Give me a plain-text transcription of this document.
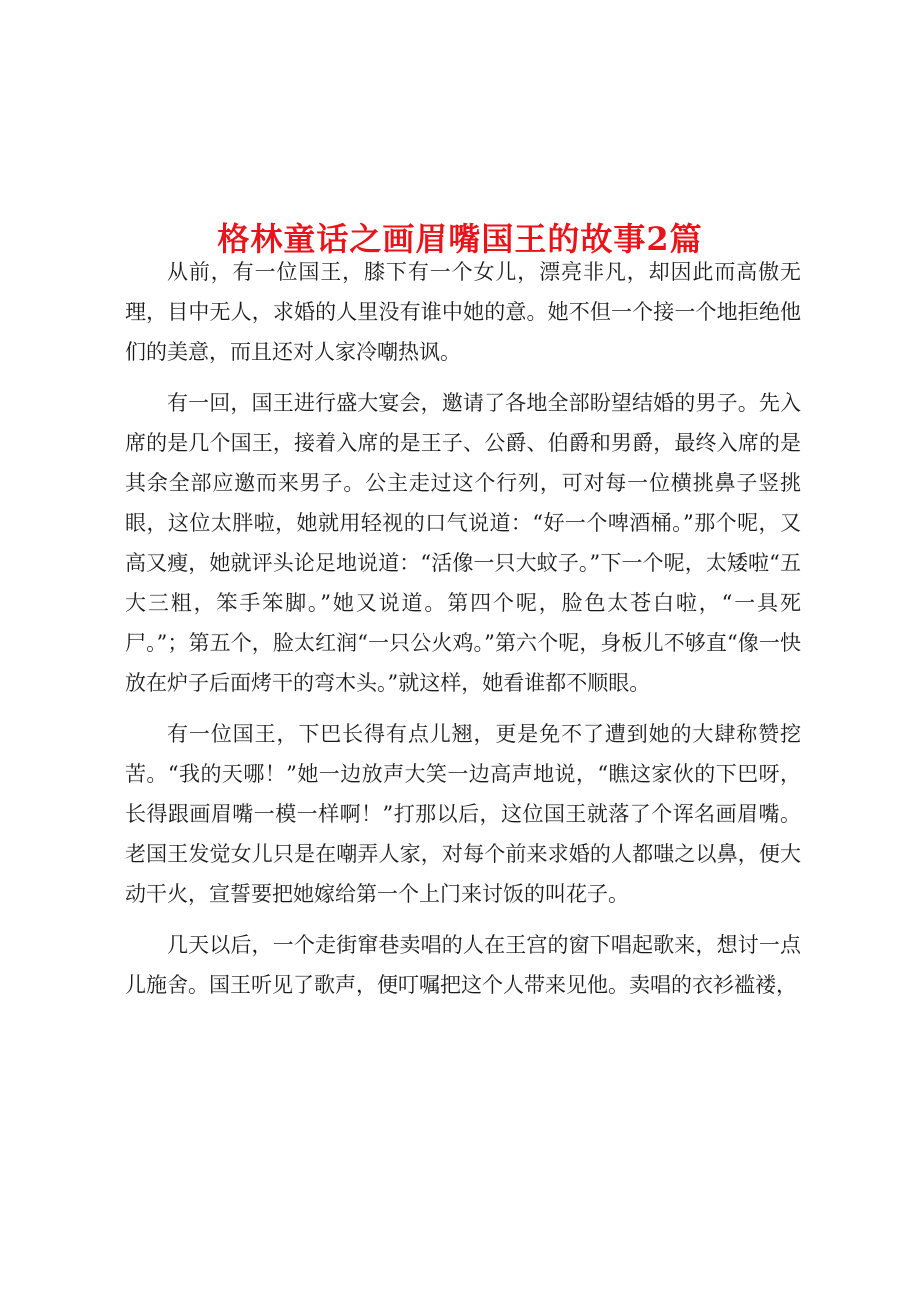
格林童话之画眉嘴国王的故事2篇

从前，有一位国王，膝下有一个女儿，漂亮非凡，却因此而高傲无理，目中无人，求婚的人里没有谁中她的意。她不但一个接一个地拒绝他们的美意，而且还对人家冷嘲热讽。

有一回，国王进行盛大宴会，邀请了各地全部盼望结婚的男子。先入席的是几个国王，接着入席的是王子、公爵、伯爵和男爵，最终入席的是其余全部应邀而来男子。公主走过这个行列，可对每一位横挑鼻子竖挑眼，这位太胖啦，她就用轻视的口气说道：“好一个啤酒桶。”那个呢，又高又瘦，她就评头论足地说道：“活像一只大蚊子。”下一个呢，太矮啦“五大三粗，笨手笨脚。”她又说道。第四个呢，脸色太苍白啦，“一具死尸。”；第五个，脸太红润“一只公火鸡。”第六个呢，身板儿不够直“像一快放在炉子后面烤干的弯木头。”就这样，她看谁都不顺眼。

有一位国王，下巴长得有点儿翘，更是免不了遭到她的大肆称赞挖苦。“我的天哪！”她一边放声大笑一边高声地说，“瞧这家伙的下巴呀，长得跟画眉嘴一模一样啊！”打那以后，这位国王就落了个诨名画眉嘴。老国王发觉女儿只是在嘲弄人家，对每个前来求婚的人都嗤之以鼻，便大动干火，宣誓要把她嫁给第一个上门来讨饭的叫花子。

几天以后，一个走街窜巷卖唱的人在王宫的窗下唱起歌来，想讨一点儿施舍。国王听见了歌声，便叮嘱把这个人带来见他。卖唱的衣衫褴褛，
